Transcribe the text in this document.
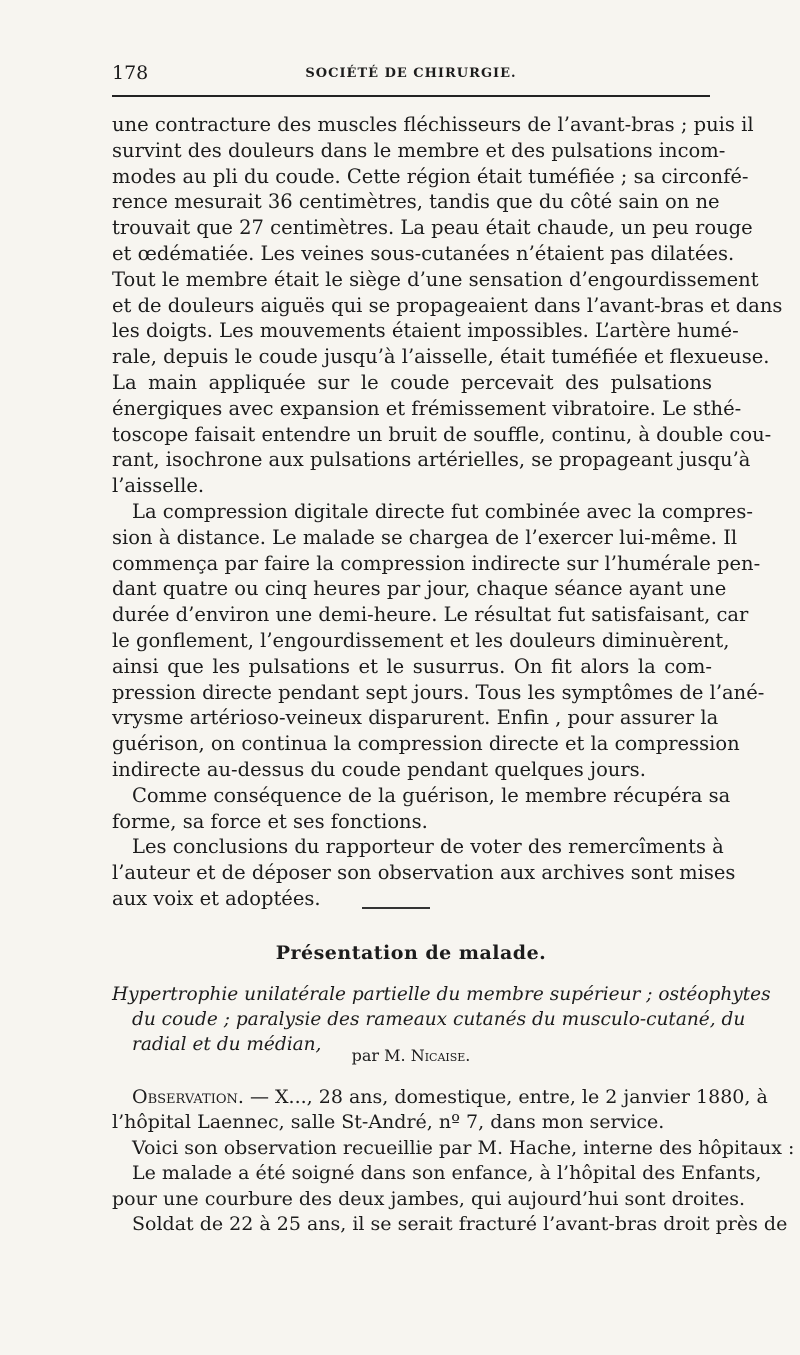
178	SOCIÉTÉ DE CHIRURGIE.
une contracture des muscles fléchisseurs de l’avant-bras ; puis il
survint des douleurs dans le membre et des pulsations incom-
modes au pli du coude. Cette région était tuméfiée ; sa circonfé-
rence mesurait 36 centimètres, tandis que du côté sain on ne
trouvait que 27 centimètres. La peau était chaude, un peu rouge
et œdématiée. Les veines sous-cutanées n’étaient pas dilatées.
Tout le membre était le siège d’une sensation d’engourdissement
et de douleurs aiguës qui se propageaient dans l’avant-bras et dans
les doigts. Les mouvements étaient impossibles. L’artère humé-
rale, depuis le coude jusqu’à l’aisselle, était tuméfiée et flexueuse.
La main appliquée sur le coude percevait des pulsations
énergiques avec expansion et frémissement vibratoire. Le sthé-
toscope faisait entendre un bruit de souffle, continu, à double cou-
rant, isochrone aux pulsations artérielles, se propageant jusqu’à
l’aisselle.
La compression digitale directe fut combinée avec la compres-
sion à distance. Le malade se chargea de l’exercer lui-même. Il
commença par faire la compression indirecte sur l’humérale pen-
dant quatre ou cinq heures par jour, chaque séance ayant une
durée d’environ une demi-heure. Le résultat fut satisfaisant, car
le gonflement, l’engourdissement et les douleurs diminuèrent,
ainsi que les pulsations et le susurrus. On fit alors la com-
pression directe pendant sept jours. Tous les symptômes de l’ané-
vrysme artérioso-veineux disparurent. Enfin , pour assurer la
guérison, on continua la compression directe et la compression
indirecte au-dessus du coude pendant quelques jours.
Comme conséquence de la guérison, le membre récupéra sa
forme, sa force et ses fonctions.
Les conclusions du rapporteur de voter des remercîments à
l’auteur et de déposer son observation aux archives sont mises
aux voix et adoptées.
Présentation de malade.
Hypertrophie unilatérale partielle du membre supérieur ; ostéophytes
du coude ; paralysie des rameaux cutanés du musculo-cutané, du
radial et du médian,
par M. Nicaise.
Observation. — X..., 28 ans, domestique, entre, le 2 janvier 1880, à
l’hôpital Laennec, salle St-André, nº 7, dans mon service.
Voici son observation recueillie par M. Hache, interne des hôpitaux :
Le malade a été soigné dans son enfance, à l’hôpital des Enfants,
pour une courbure des deux jambes, qui aujourd’hui sont droites.
Soldat de 22 à 25 ans, il se serait fracturé l’avant-bras droit près de
